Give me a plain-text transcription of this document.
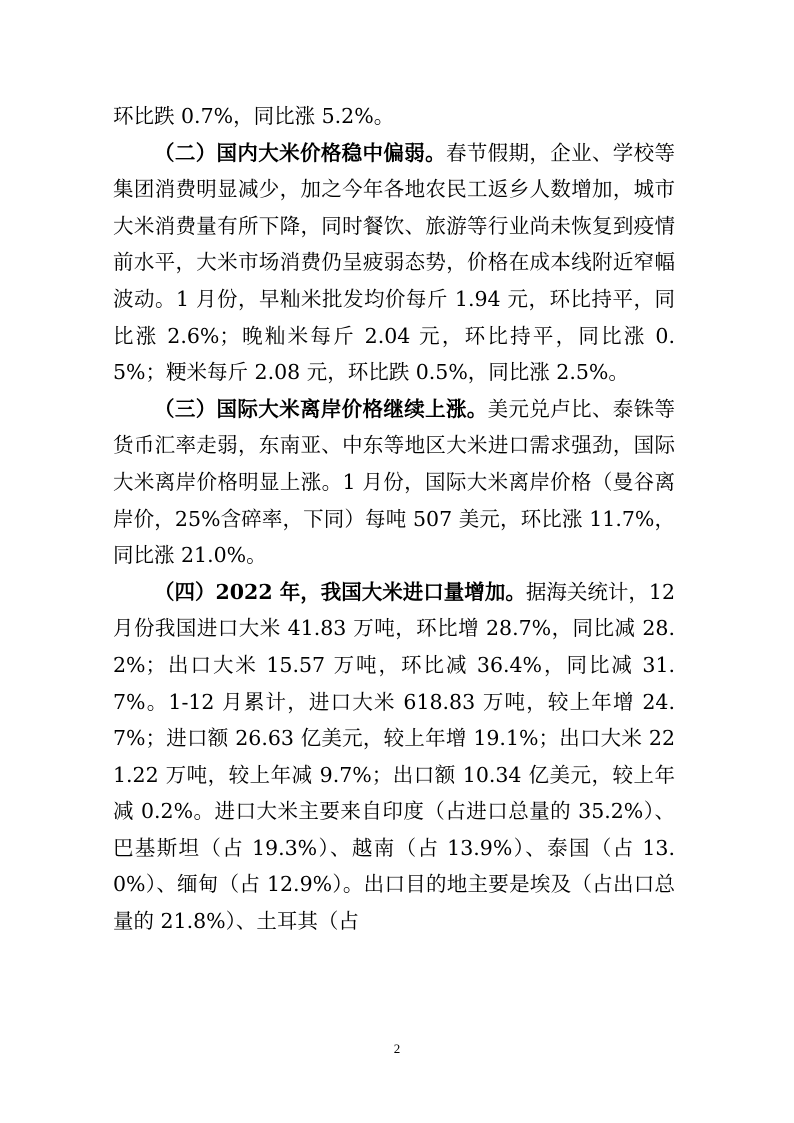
环比跌 0.7%，同比涨 5.2%。

（二）国内大米价格稳中偏弱。春节假期，企业、学校等集团消费明显减少，加之今年各地农民工返乡人数增加，城市大米消费量有所下降，同时餐饮、旅游等行业尚未恢复到疫情前水平，大米市场消费仍呈疲弱态势，价格在成本线附近窄幅波动。1 月份，早籼米批发均价每斤 1.94 元，环比持平，同比涨 2.6%；晚籼米每斤 2.04 元，环比持平，同比涨 0.5%；粳米每斤 2.08 元，环比跌 0.5%，同比涨 2.5%。

（三）国际大米离岸价格继续上涨。美元兑卢比、泰铢等货币汇率走弱，东南亚、中东等地区大米进口需求强劲，国际大米离岸价格明显上涨。1 月份，国际大米离岸价格（曼谷离岸价，25%含碎率，下同）每吨 507 美元，环比涨 11.7%，同比涨 21.0%。

（四）2022 年，我国大米进口量增加。据海关统计，12 月份我国进口大米 41.83 万吨，环比增 28.7%，同比减 28.2%；出口大米 15.57 万吨，环比减 36.4%，同比减 31.7%。1-12 月累计，进口大米 618.83 万吨，较上年增 24.7%；进口额 26.63 亿美元，较上年增 19.1%；出口大米 221.22 万吨，较上年减 9.7%；出口额 10.34 亿美元，较上年减 0.2%。进口大米主要来自印度（占进口总量的 35.2%）、巴基斯坦（占 19.3%）、越南（占 13.9%）、泰国（占 13.0%）、缅甸（占 12.9%）。出口目的地主要是埃及（占出口总量的 21.8%）、土耳其（占

2
